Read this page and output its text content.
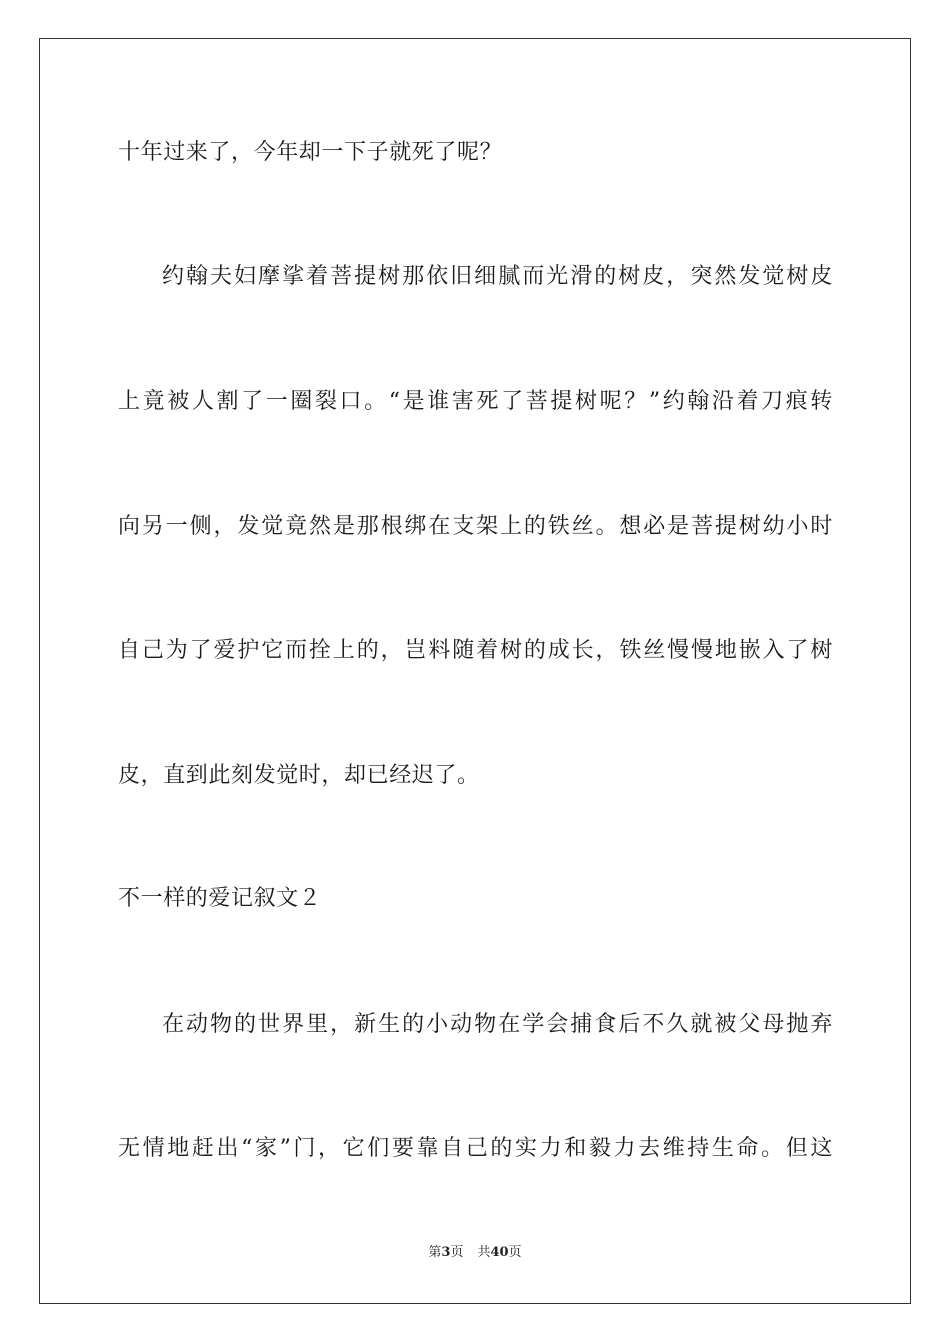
十年过来了，今年却一下子就死了呢？
约翰夫妇摩挲着菩提树那依旧细腻而光滑的树皮，突然发觉树皮
上竟被人割了一圈裂口。“是谁害死了菩提树呢？”约翰沿着刀痕转
向另一侧，发觉竟然是那根绑在支架上的铁丝。想必是菩提树幼小时
自己为了爱护它而拴上的，岂料随着树的成长，铁丝慢慢地嵌入了树
皮，直到此刻发觉时，却已经迟了。
不一样的爱记叙文２
在动物的世界里，新生的小动物在学会捕食后不久就被父母抛弃
无情地赶出“家”门，它们要靠自己的实力和毅力去维持生命。但这
第3页 共40页
